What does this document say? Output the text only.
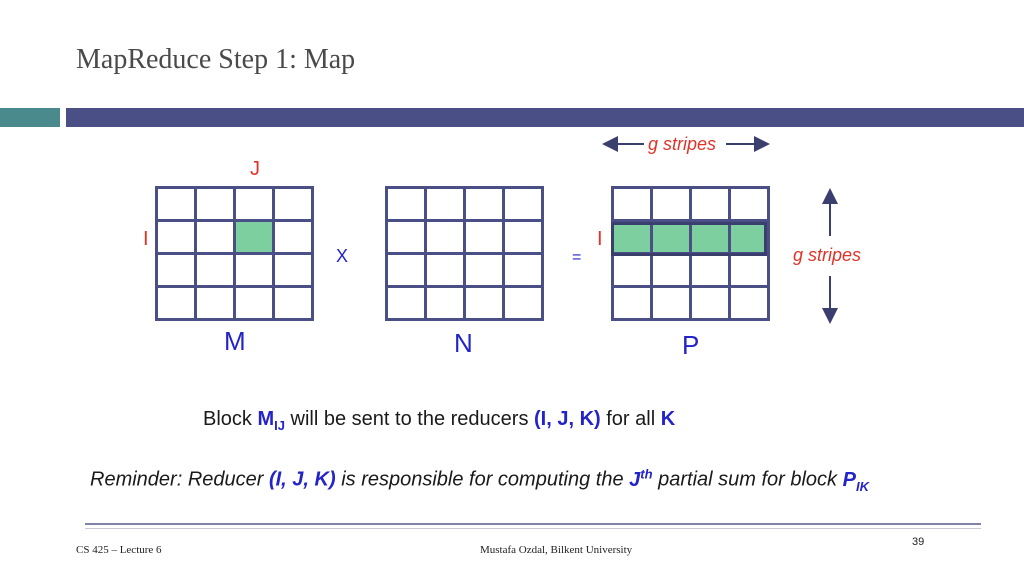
MapReduce Step 1: Map
g stripes
g stripes
J
I	I
X	=
M	N	P
Block $M_{IJ}$ will be sent to the reducers (I, J, K) for all K
Reminder: Reducer (I, J, K) is responsible for computing the $J^{th}$ partial sum for block $P_{IK}$
CS 425 – Lecture 6	Mustafa Ozdal, Bilkent University
39
